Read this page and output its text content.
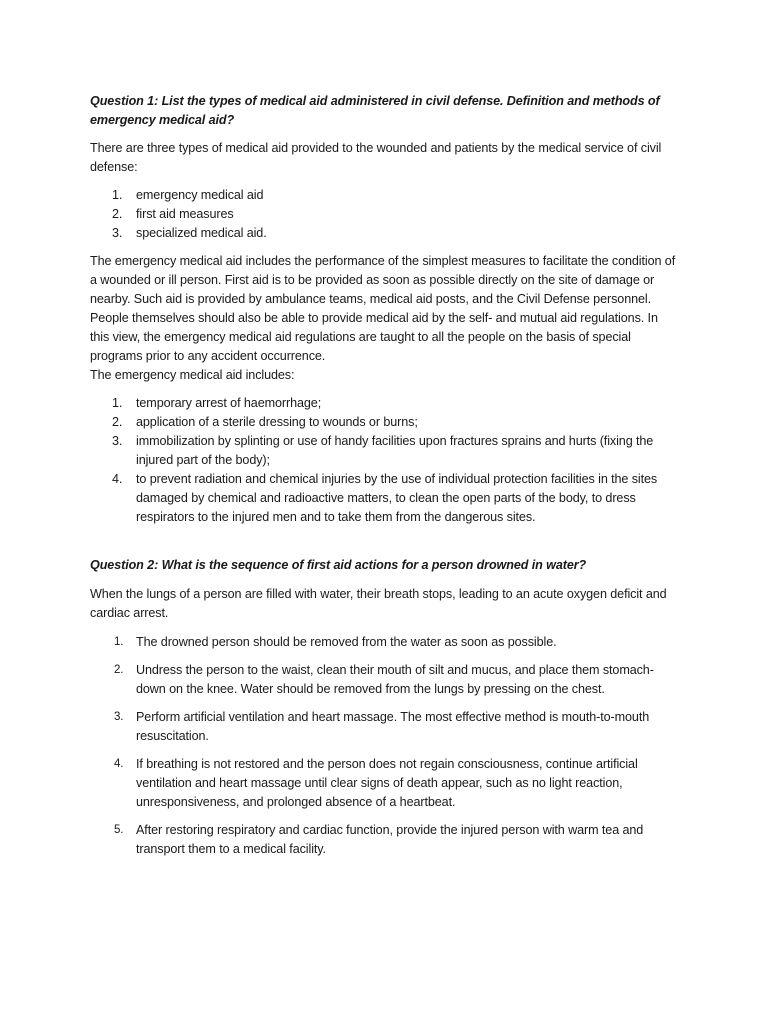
Question 1: List the types of medical aid administered in civil defense. Definition and methods of emergency medical aid?

There are three types of medical aid provided to the wounded and patients by the medical service of civil defense:

1.	emergency medical aid
2.	first aid measures
3.	specialized medical aid.

The emergency medical aid includes the performance of the simplest measures to facilitate the condition of a wounded or ill person. First aid is to be provided as soon as possible directly on the site of damage or nearby. Such aid is provided by ambulance teams, medical aid posts, and the Civil Defense personnel. People themselves should also be able to provide medical aid by the self- and mutual aid regulations. In this view, the emergency medical aid regulations are taught to all the people on the basis of special programs prior to any accident occurrence.

The emergency medical aid includes:

1.	temporary arrest of haemorrhage;
2.	application of a sterile dressing to wounds or burns;
3.	immobilization by splinting or use of handy facilities upon fractures sprains and hurts (fixing the injured part of the body);
4.	to prevent radiation and chemical injuries by the use of individual protection facilities in the sites damaged by chemical and radioactive matters, to clean the open parts of the body, to dress respirators to the injured men and to take them from the dangerous sites.

Question 2: What is the sequence of first aid actions for a person drowned in water?

When the lungs of a person are filled with water, their breath stops, leading to an acute oxygen deficit and cardiac arrest.

1. The drowned person should be removed from the water as soon as possible.
2. Undress the person to the waist, clean their mouth of silt and mucus, and place them stomach-down on the knee. Water should be removed from the lungs by pressing on the chest.
3. Perform artificial ventilation and heart massage. The most effective method is mouth-to-mouth resuscitation.
4. If breathing is not restored and the person does not regain consciousness, continue artificial ventilation and heart massage until clear signs of death appear, such as no light reaction, unresponsiveness, and prolonged absence of a heartbeat.
5. After restoring respiratory and cardiac function, provide the injured person with warm tea and transport them to a medical facility.
